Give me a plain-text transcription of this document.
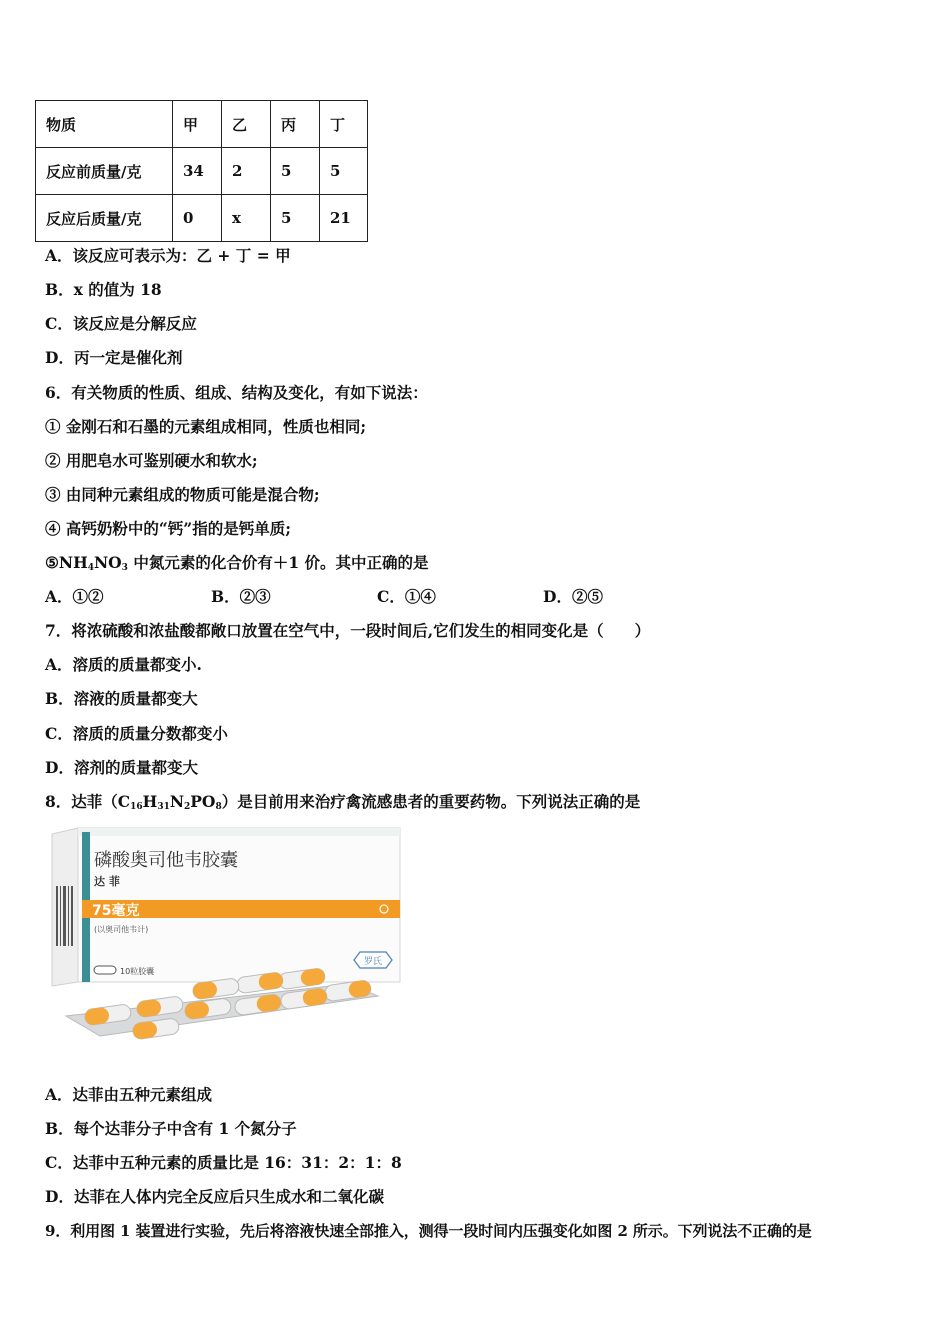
物质	甲	乙	丙	丁
反应前质量/克	34	2	5	5
反应后质量/克	0	x	5	21
A．该反应可表示为：乙 + 丁 = 甲
B．x 的值为 18
C．该反应是分解反应
D．丙一定是催化剂
6．有关物质的性质、组成、结构及变化，有如下说法：
① 金刚石和石墨的元素组成相同，性质也相同;
② 用肥皂水可鉴别硬水和软水;
③ 由同种元素组成的物质可能是混合物;
④ 高钙奶粉中的“钙”指的是钙单质;
$⑤NH_4NO_3$ 中氮元素的化合价有＋1 价。其中正确的是
A．①②	B．②③	C．①④	D．②⑤
7．将浓硫酸和浓盐酸都敞口放置在空气中，一段时间后,它们发生的相同变化是（　　）
A．溶质的质量都变小.
B．溶液的质量都变大
C．溶质的质量分数都变小
D．溶剂的质量都变大
8．达菲$(C_{16}H_{31}N_2PO_8)$是目前用来治疗禽流感患者的重要药物。下列说法正确的是
磷酸奥司他韦胶囊
达 菲
75毫克
(以奥司他韦计)
10粒胶囊
罗氏
A．达菲由五种元素组成
B．每个达菲分子中含有 1 个氮分子
C．达菲中五种元素的质量比是 16：31：2：1：8
D．达菲在人体内完全反应后只生成水和二氧化碳
9．利用图 1 装置进行实验，先后将溶液快速全部推入，测得一段时间内压强变化如图 2 所示。下列说法不正确的是
